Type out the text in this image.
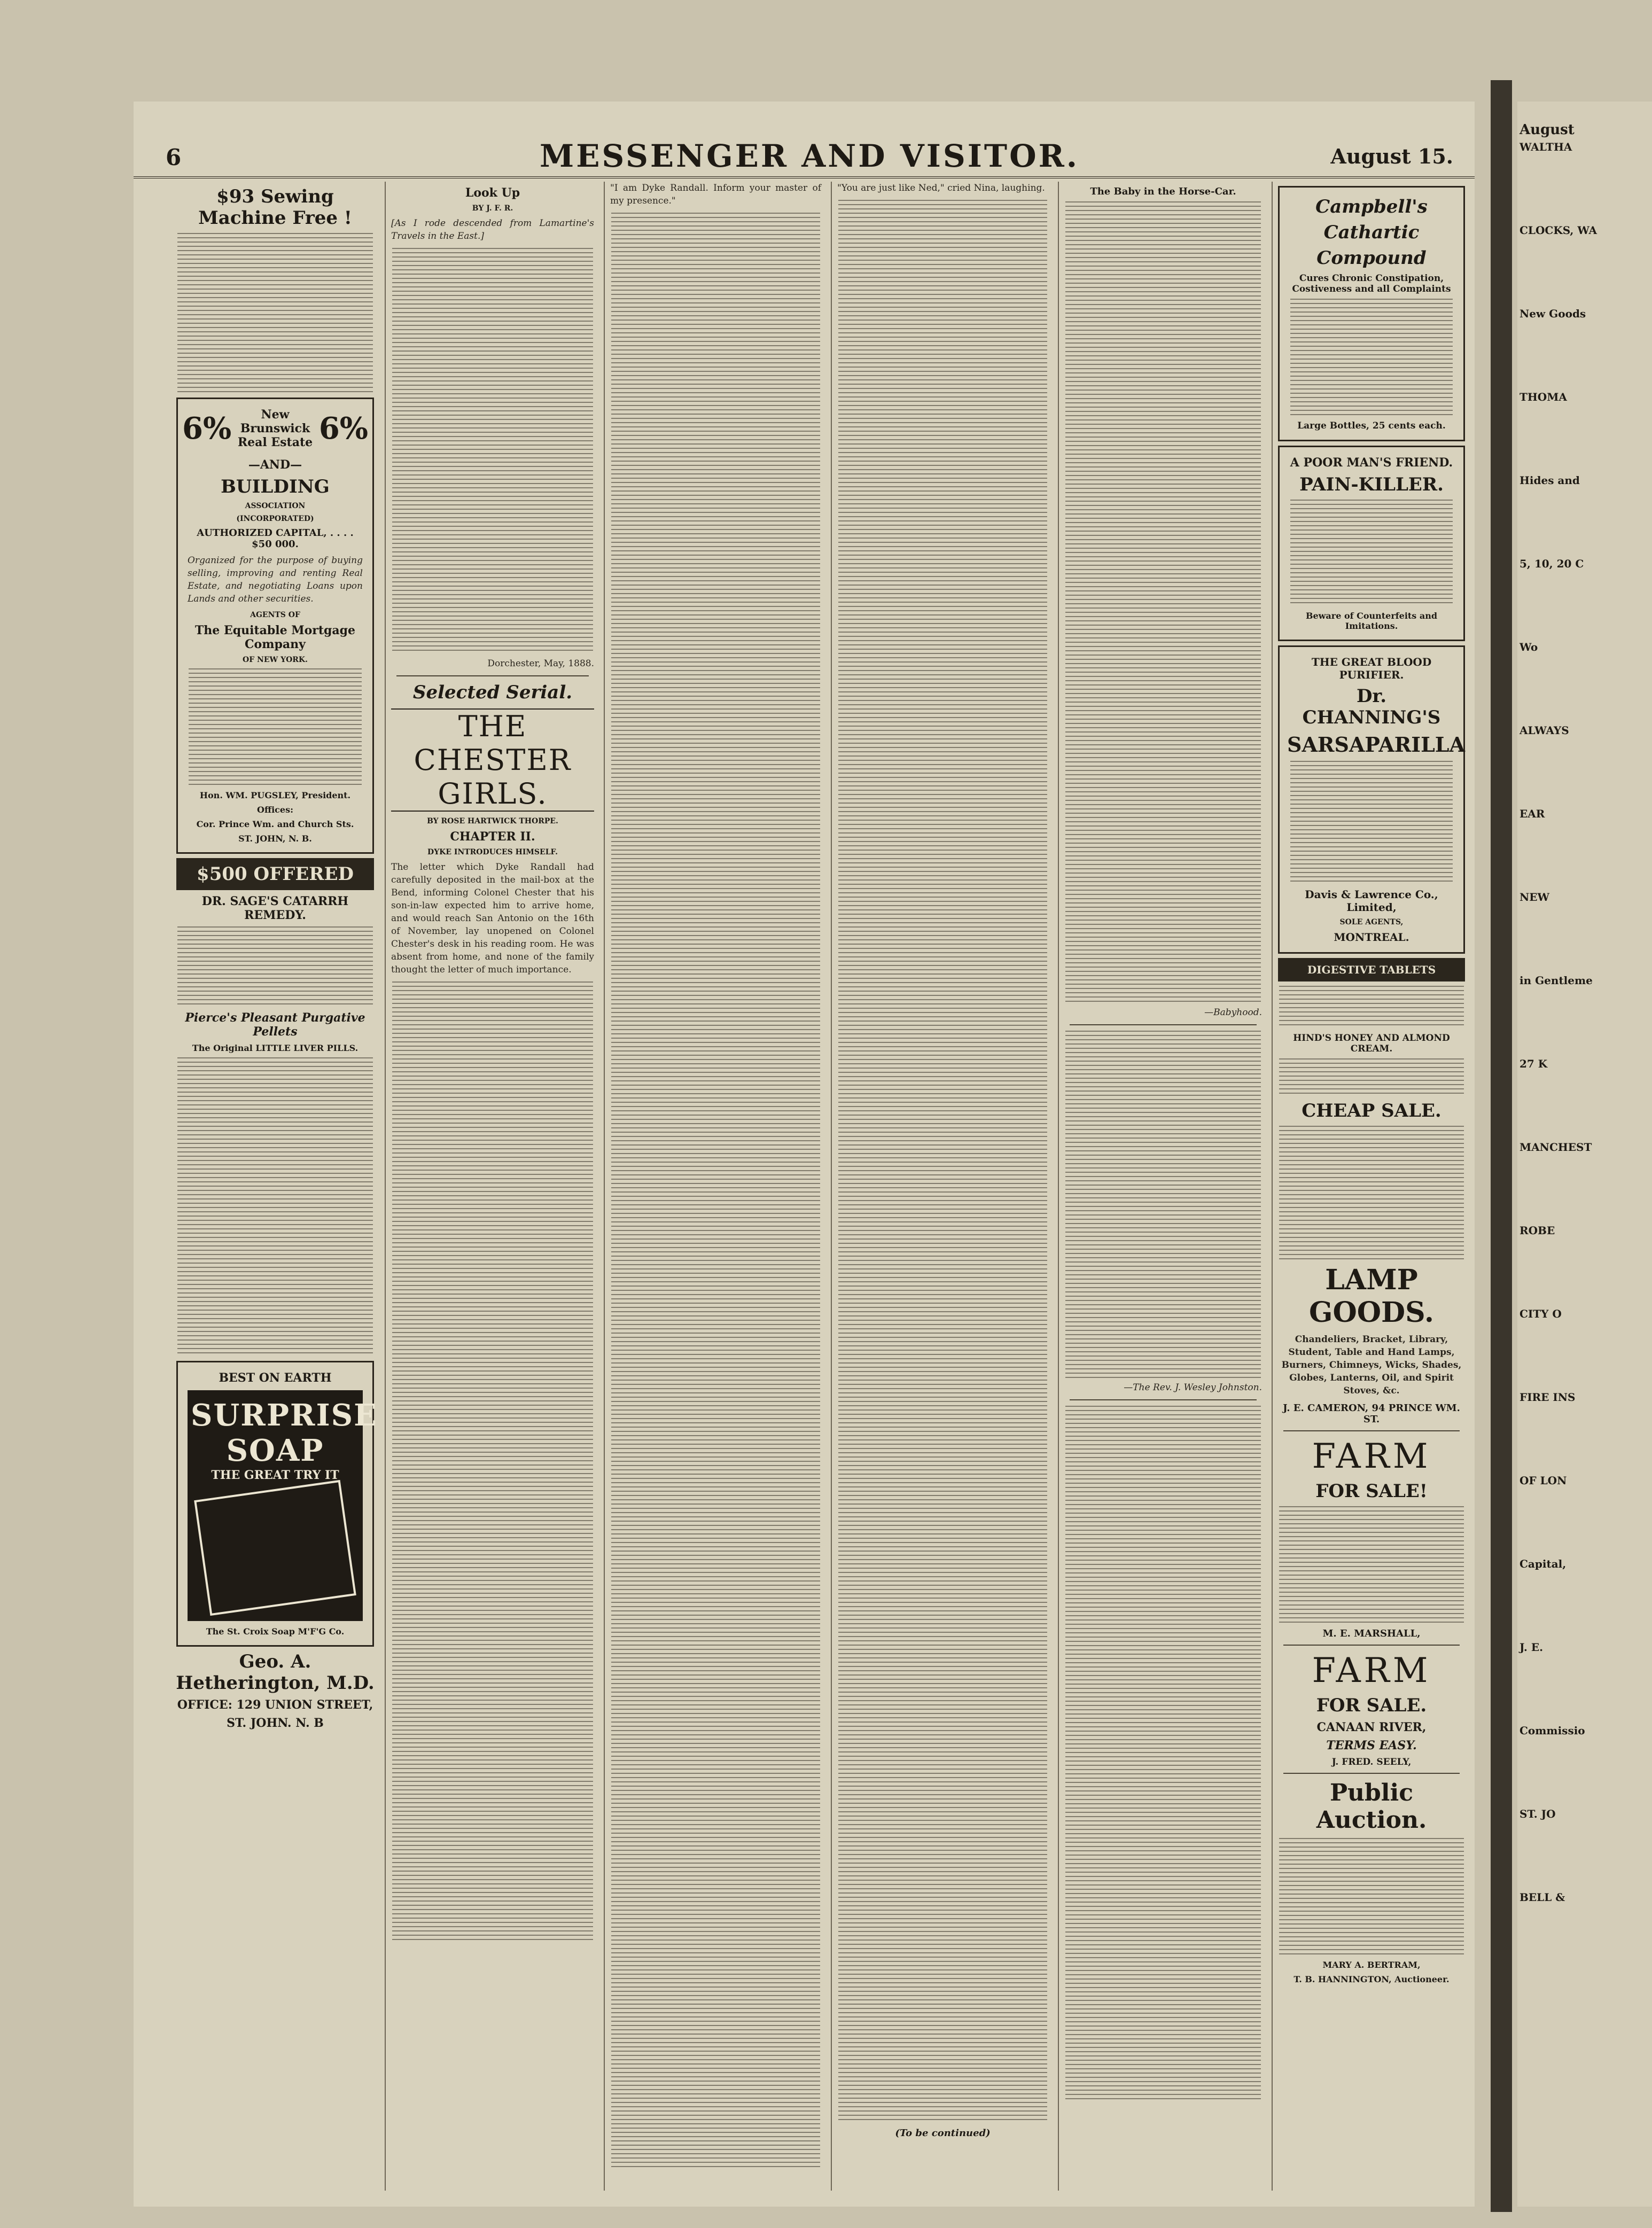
6	MESSENGER AND VISITOR.	August 15.
$93 Sewing Machine Free !
6%	New Brunswick Real Estate 6%
—AND—
BUILDING
ASSOCIATION
(INCORPORATED)
AUTHORIZED CAPITAL, . . . . $50 000.
Organized for the purpose of buying selling, improving and renting Real Estate, and negotiating Loans upon Lands and other securities.
AGENTS OF
The Equitable Mortgage Company
OF NEW YORK.
Hon. WM. PUGSLEY, President.
Offices:
Cor. Prince Wm. and Church Sts.
ST. JOHN, N. B.
$500 OFFERED
DR. SAGE'S CATARRH REMEDY.
Pierce's Pleasant Purgative Pellets
The Original LITTLE LIVER PILLS.
BEST ON EARTH
SURPRISE SOAP
THE GREAT TRY IT
The St. Croix Soap M'F'G Co.
Geo. A. Hetherington, M.D.
OFFICE: 129 UNION STREET,
ST. JOHN. N. B
Look Up
BY J. F. R.
[As I rode descended from Lamartine's Travels in the East.]
Dorchester, May, 1888.
Selected Serial.
THE CHESTER GIRLS.
BY ROSE HARTWICK THORPE.
CHAPTER II.
DYKE INTRODUCES HIMSELF.
The letter which Dyke Randall had carefully deposited in the mail-box at the Bend, informing Colonel Chester that his son-in-law expected him to arrive home, and would reach San Antonio on the 16th of November, lay unopened on Colonel Chester's desk in his reading room. He was absent from home, and none of the family thought the letter of much importance.
"I am Dyke Randall. Inform your master of my presence."
"You are just like Ned," cried Nina, laughing.
(To be continued)
The Baby in the Horse-Car.
—Babyhood.
—The Rev. J. Wesley Johnston.
Campbell's
Cathartic
Compound
Cures Chronic Constipation, Costiveness and all Complaints
Large Bottles, 25 cents each.
A POOR MAN'S FRIEND.
PAIN-KILLER.
Beware of Counterfeits and Imitations.
THE GREAT BLOOD PURIFIER.
Dr. CHANNING'S
SARSAPARILLA
Davis & Lawrence Co., Limited,
SOLE AGENTS,
MONTREAL.
DIGESTIVE TABLETS
HIND'S HONEY AND ALMOND CREAM.
CHEAP SALE.
LAMP GOODS.
Chandeliers, Bracket, Library, Student, Table and Hand Lamps, Burners, Chimneys, Wicks, Shades, Globes, Lanterns, Oil, and Spirit Stoves, &c.
J. E. CAMERON, 94 PRINCE WM. ST.
FARM
FOR SALE!
M. E. MARSHALL,
FARM
FOR SALE.
CANAAN RIVER,
TERMS EASY.
J. FRED. SEELY,
Public Auction.
MARY A. BERTRAM,
T. B. HANNINGTON, Auctioneer.
August
WALTHA
CLOCKS, WA
New Goods
THOMA
Hides and
5, 10, 20 C
Wo
ALWAYS
EAR
NEW
in Gentleme
27 K
MANCHEST
ROBE
CITY O
FIRE INS
OF LON
Capital,
J. E.
Commissio
ST. JO
BELL &
